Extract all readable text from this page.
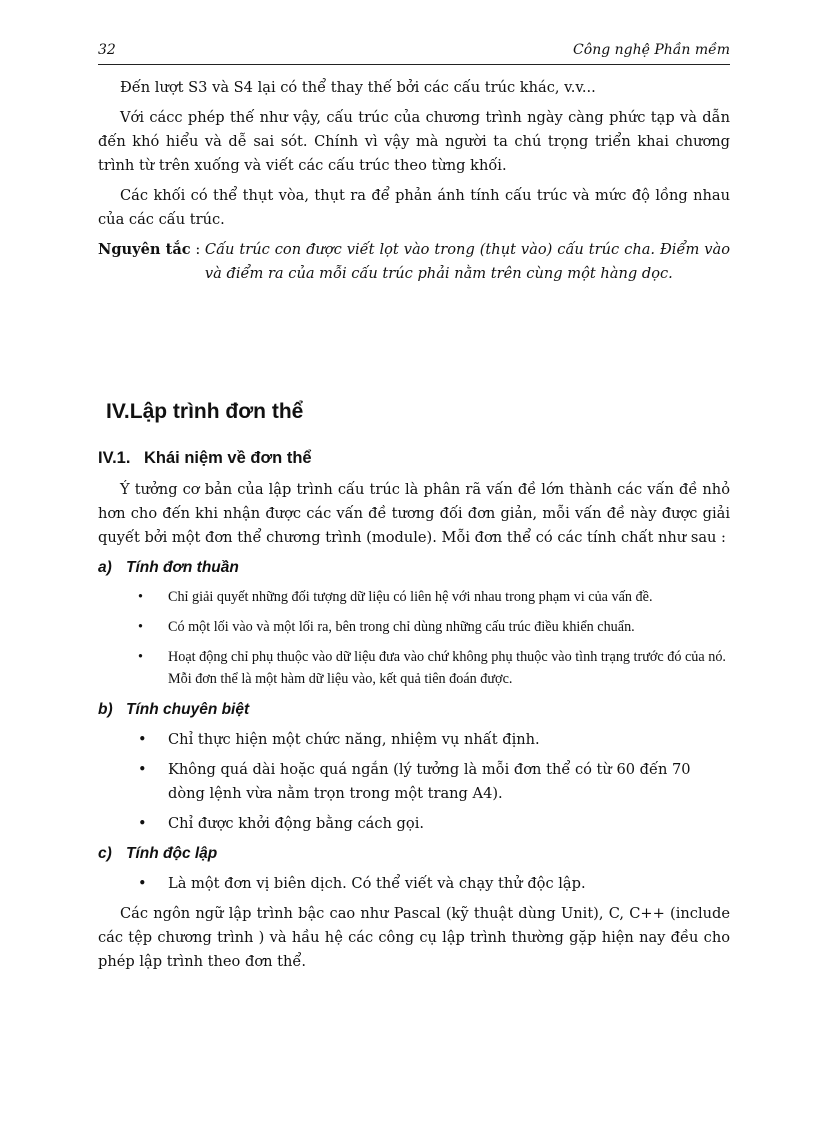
32	Công nghệ Phần mềm

Đến lượt S3 và S4 lại có thể thay thế bởi các cấu trúc khác, v.v...

Với cácc phép thế như vậy, cấu trúc của chương trình ngày càng phức tạp và dẫn đến khó hiểu và dễ sai sót. Chính vì vậy mà người ta chú trọng triển khai chương trình từ trên xuống và viết các cấu trúc theo từng khối.

Các khối có thể thụt vòa, thụt ra để phản ánh tính cấu trúc và mức độ lồng nhau của các cấu trúc.

Nguyên tắc : Cấu trúc con được viết lọt vào trong (thụt vào) cấu trúc cha. Điểm vào và điểm ra của mỗi cấu trúc phải nằm trên cùng một hàng dọc.
IV.Lập trình đơn thể
IV.1. Khái niệm về đơn thể

Ý tưởng cơ bản của lập trình cấu trúc là phân rã vấn đề lớn thành các vấn đề nhỏ hơn cho đến khi nhận được các vấn đề tương đối đơn giản, mỗi vấn đề này được giải quyết bởi một đơn thể chương trình (module). Mỗi đơn thể có các tính chất như sau :

a) Tính đơn thuần
• Chỉ giải quyết những đối tượng dữ liệu có liên hệ với nhau trong phạm vi của vấn đề.
• Có một lối vào và một lối ra, bên trong chỉ dùng những cấu trúc điều khiển chuẩn.
• Hoạt động chỉ phụ thuộc vào dữ liệu đưa vào chứ không phụ thuộc vào tình trạng trước đó của nó. Mỗi đơn thể là một hàm dữ liệu vào, kết quả tiên đoán được.
b) Tính chuyên biệt
• Chỉ thực hiện một chức năng, nhiệm vụ nhất định.
• Không quá dài hoặc quá ngắn (lý tưởng là mỗi đơn thể có từ 60 đến 70 dòng lệnh vừa nằm trọn trong một trang A4).
• Chỉ được khởi động bằng cách gọi.
c) Tính độc lập
• Là một đơn vị biên dịch. Có thể viết và chạy thử độc lập.

Các ngôn ngữ lập trình bậc cao như Pascal (kỹ thuật dùng Unit), C, C++ (include các tệp chương trình ) và hầu hệ các công cụ lập trình thường gặp hiện nay đều cho phép lập trình theo đơn thể.
